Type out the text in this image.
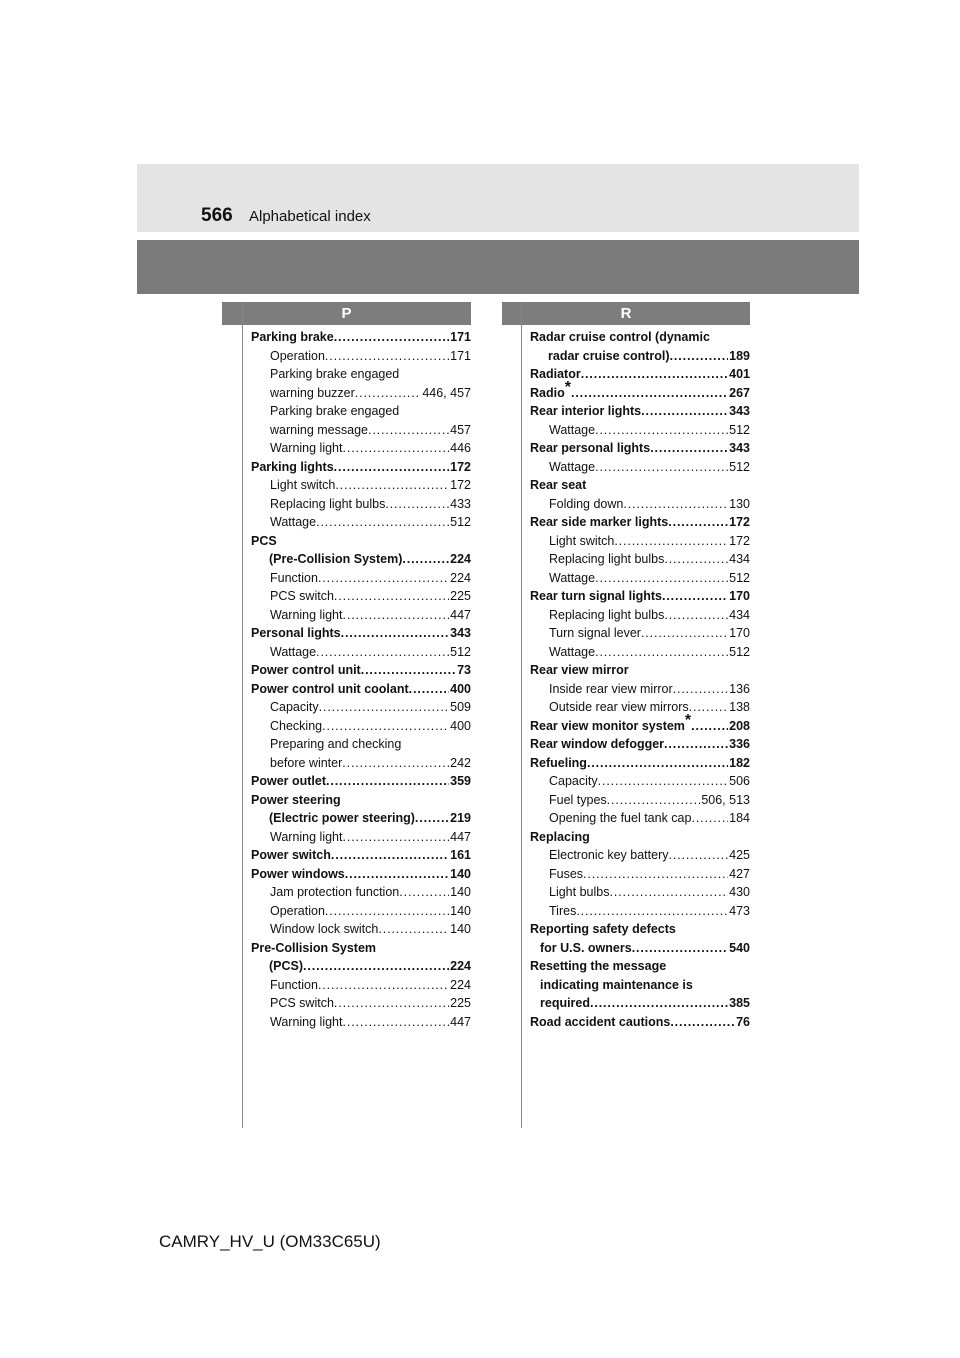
566 Alphabetical index
P	R
Parking brake . . .	171
Operation . . .	171
Parking brake engaged
warning buzzer . . .	446, 457
Parking brake engaged
warning message . . .	457
Warning light . . .	446
Parking lights . . .	172
Light switch . . .	172
Replacing light bulbs . . .	433
Wattage . . .	512
PCS
(Pre-Collision System) . . .	224
Function . . .	224
PCS switch . . .	225
Warning light . . .	447
Personal lights . . .	343
Wattage . . .	512
Power control unit . . .	73
Power control unit coolant . . .	400
Capacity . . .	509
Checking . . .	400
Preparing and checking
before winter . . .	242
Power outlet . . .	359
Power steering
(Electric power steering) . . .	219
Warning light . . .	447
Power switch . . .	161
Power windows . . .	140
Jam protection function . . .	140
Operation . . .	140
Window lock switch . . .	140
Pre-Collision System
(PCS) . . .	224
Function . . .	224
PCS switch . . .	225
Warning light . . .	447
Radar cruise control (dynamic
radar cruise control) . . .	189
Radiator . . .	401
Radio* . . .	267
Rear interior lights . . .	343
Wattage . . .	512
Rear personal lights . . .	343
Wattage . . .	512
Rear seat
Folding down . . .	130
Rear side marker lights . . .	172
Light switch . . .	172
Replacing light bulbs . . .	434
Wattage . . .	512
Rear turn signal lights . . .	170
Replacing light bulbs . . .	434
Turn signal lever . . .	170
Wattage . . .	512
Rear view mirror
Inside rear view mirror . . .	136
Outside rear view mirrors . . .	138
Rear view monitor system* . . .	208
Rear window defogger . . .	336
Refueling . . .	182
Capacity . . .	506
Fuel types . . .	506, 513
Opening the fuel tank cap . . .	184
Replacing
Electronic key battery . . .	425
Fuses . . .	427
Light bulbs . . .	430
Tires . . .	473
Reporting safety defects
for U.S. owners . . .	540
Resetting the message
indicating maintenance is
required . . .	385
Road accident cautions . . .	76
CAMRY_HV_U (OM33C65U)
